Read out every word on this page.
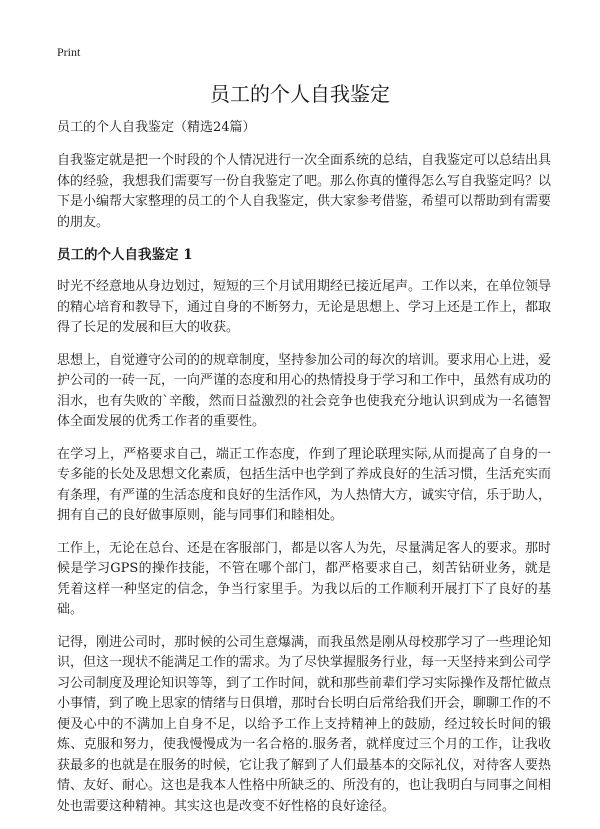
Print
员工的个人自我鉴定
员工的个人自我鉴定（精选24篇）

自我鉴定就是把一个时段的个人情况进行一次全面系统的总结，自我鉴定可以总结出具体的经验，我想我们需要写一份自我鉴定了吧。那么你真的懂得怎么写自我鉴定吗？以下是小编帮大家整理的员工的个人自我鉴定，供大家参考借鉴，希望可以帮助到有需要的朋友。

员工的个人自我鉴定 1

时光不经意地从身边划过，短短的三个月试用期经已接近尾声。工作以来，在单位领导的精心培育和教导下，通过自身的不断努力，无论是思想上、学习上还是工作上，都取得了长足的发展和巨大的收获。

思想上，自觉遵守公司的的规章制度，坚持参加公司的每次的培训。要求用心上进，爱护公司的一砖一瓦，一向严谨的态度和用心的热情投身于学习和工作中，虽然有成功的泪水，也有失败的`辛酸，然而日益激烈的社会竞争也使我充分地认识到成为一名德智体全面发展的优秀工作者的重要性。

在学习上，严格要求自己，端正工作态度，作到了理论联理实际,从而提高了自身的一专多能的长处及思想文化素质，包括生活中也学到了养成良好的生活习惯，生活充实而有条理，有严谨的生活态度和良好的生活作风，为人热情大方，诚实守信，乐于助人，拥有自己的良好做事原则，能与同事们和睦相处。

工作上，无论在总台、还是在客服部门，都是以客人为先，尽量满足客人的要求。那时候是学习GPS的操作技能，不管在哪个部门，都严格要求自己，刻苦钻研业务，就是凭着这样一种坚定的信念，争当行家里手。为我以后的工作顺利开展打下了良好的基础。

记得，刚进公司时，那时候的公司生意爆满，而我虽然是刚从母校那学习了一些理论知识，但这一现状不能满足工作的需求。为了尽快掌握服务行业，每一天坚持来到公司学习公司制度及理论知识等等，到了工作时间，就和那些前辈们学习实际操作及帮忙做点小事情，到了晚上思家的情绪与日俱增，那时台长明白后常给我们开会，聊聊工作的不便及心中的不满加上自身不足，以给予工作上支持精神上的鼓励，经过较长时间的锻炼、克服和努力，使我慢慢成为一名合格的.服务者，就样度过三个月的工作，让我收获最多的也就是在服务的时候，它让我了解到了人们最基本的交际礼仪，对待客人要热情、友好、耐心。这也是我本人性格中所缺乏的、所没有的，也让我明白与同事之间相处也需要这种精神。其实这也是改变不好性格的良好途径。
